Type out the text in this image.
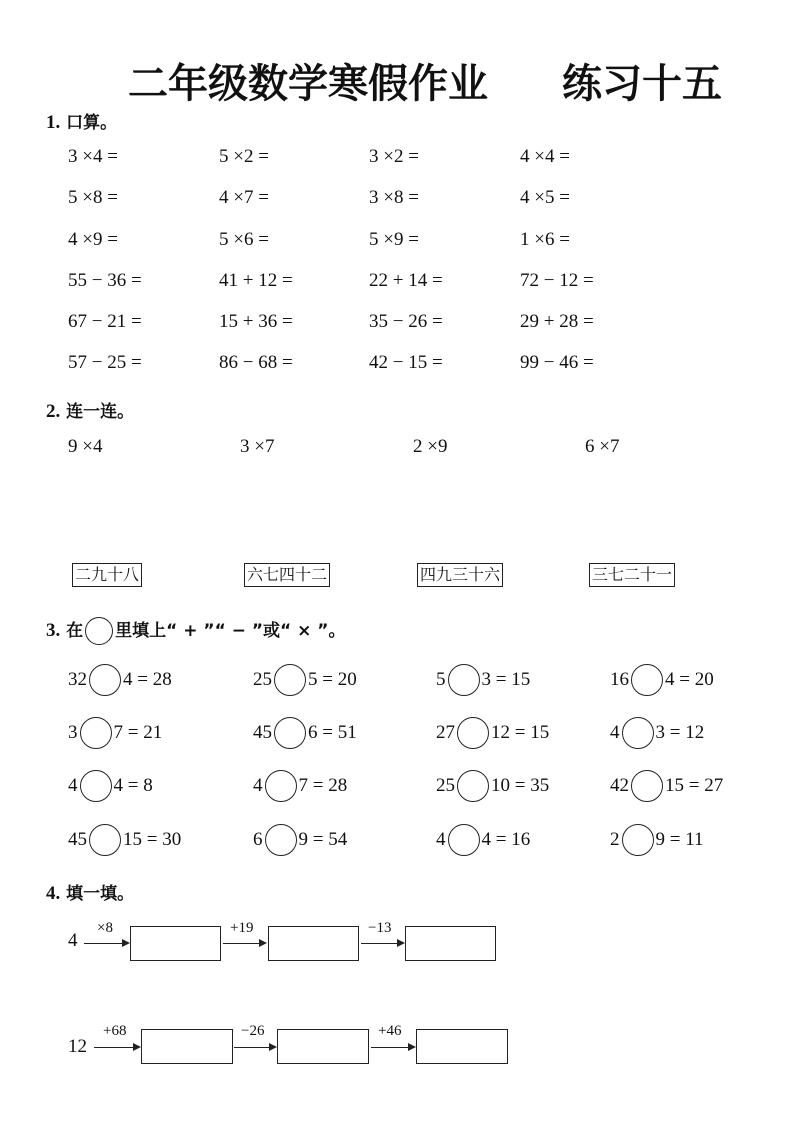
二年级数学寒假作业 练习十五
1. 口算。
3 ×4 =	5 ×2 =	3 ×2 =	4 ×4 =
5 ×8 =	4 ×7 =	3 ×8 =	4 ×5 =
4 ×9 =	5 ×6 =	5 ×9 =	1 ×6 =
55 − 36 =	41 + 12 =	22 + 14 =	72 − 12 =
67 − 21 =	15 + 36 =	35 − 26 =	29 + 28 =
57 − 25 =	86 − 68 =	42 − 15 =	99 − 46 =
2. 连一连。
9 ×4	3 ×7	2 ×9	6 ×7
二九十八	六七四十二	四九三十六	三七二十一
3. 在 里填上“ + ”“ − ”或“ × ”。
32 4 = 28	25 5 = 20	5 3 = 15	16 4 = 20
3 7 = 21	45 6 = 51	27 12 = 15	4 3 = 12
4 4 = 8	4 7 = 28	25 10 = 35	42 15 = 27
45 15 = 30	6 9 = 54	4 4 = 16	2 9 = 11
4. 填一填。
4
×8	+19	−13
12
+68	−26	+46
